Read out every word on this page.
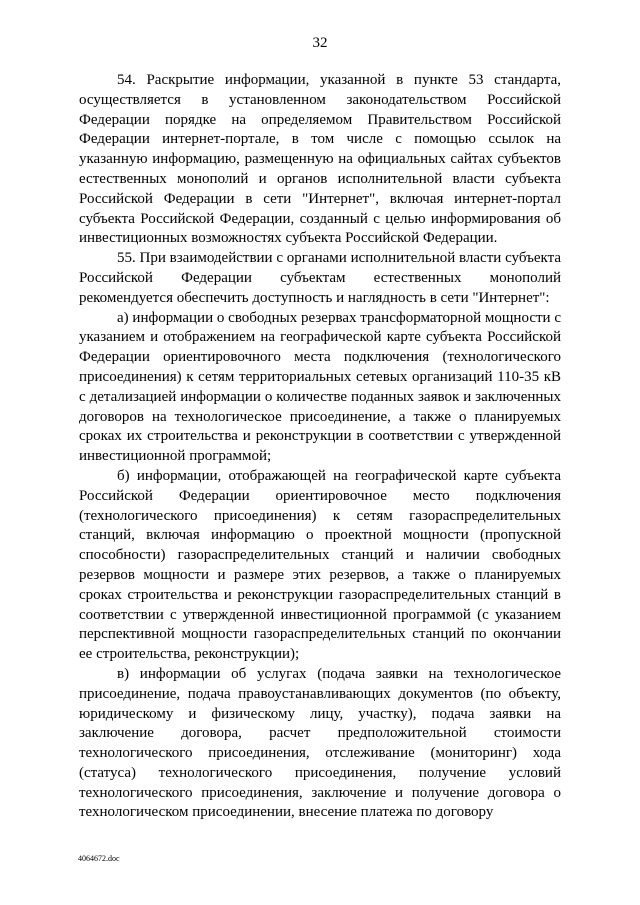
32

54. Раскрытие информации, указанной в пункте 53 стандарта, осуществляется в установленном законодательством Российской Федерации порядке на определяемом Правительством Российской Федерации интернет-портале, в том числе с помощью ссылок на указанную информацию, размещенную на официальных сайтах субъектов естественных монополий и органов исполнительной власти субъекта Российской Федерации в сети "Интернет", включая интернет-портал субъекта Российской Федерации, созданный с целью информирования об инвестиционных возможностях субъекта Российской Федерации.

55. При взаимодействии с органами исполнительной власти субъекта Российской Федерации субъектам естественных монополий рекомендуется обеспечить доступность и наглядность в сети "Интернет":

а) информации о свободных резервах трансформаторной мощности с указанием и отображением на географической карте субъекта Российской Федерации ориентировочного места подключения (технологического присоединения) к сетям территориальных сетевых организаций 110-35 кВ с детализацией информации о количестве поданных заявок и заключенных договоров на технологическое присоединение, а также о планируемых сроках их строительства и реконструкции в соответствии с утвержденной инвестиционной программой;

б) информации, отображающей на географической карте субъекта Российской Федерации ориентировочное место подключения (технологического присоединения) к сетям газораспределительных станций, включая информацию о проектной мощности (пропускной способности) газораспределительных станций и наличии свободных резервов мощности и размере этих резервов, а также о планируемых сроках строительства и реконструкции газораспределительных станций в соответствии с утвержденной инвестиционной программой (с указанием перспективной мощности газораспределительных станций по окончании ее строительства, реконструкции);

в) информации об услугах (подача заявки на технологическое присоединение, подача правоустанавливающих документов (по объекту, юридическому и физическому лицу, участку), подача заявки на заключение договора, расчет предположительной стоимости технологического присоединения, отслеживание (мониторинг) хода (статуса) технологического присоединения, получение условий технологического присоединения, заключение и получение договора о технологическом присоединении, внесение платежа по договору

4064672.doc
